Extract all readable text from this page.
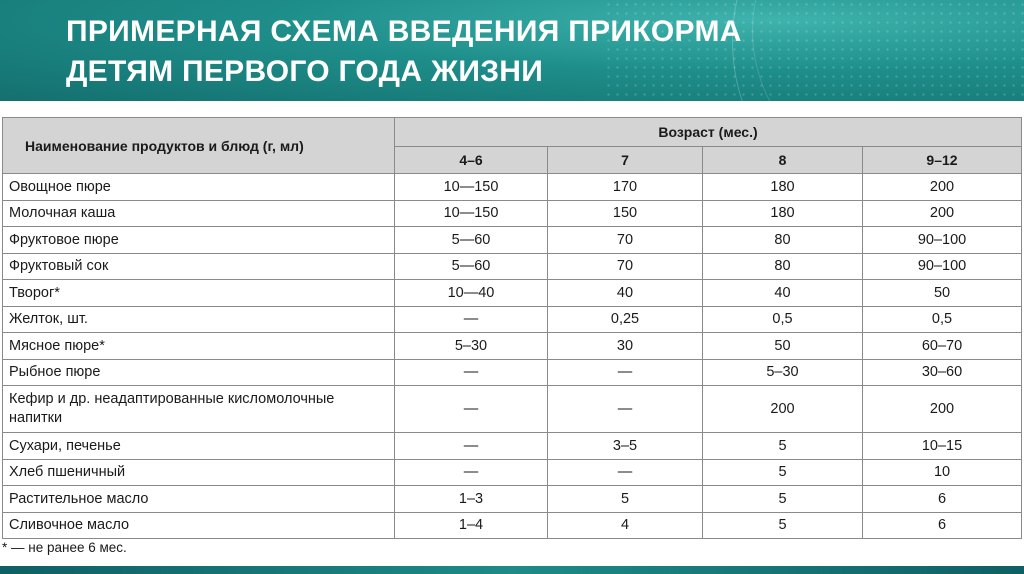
ПРИМЕРНАЯ СХЕМА ВВЕДЕНИЯ ПРИКОРМА
ДЕТЯМ ПЕРВОГО ГОДА ЖИЗНИ
Наименование продуктов и блюд (г, мл)	Возраст (мес.)			
	4–6	7	8	9–12
Овощное пюре	10—150	170	180	200
Молочная каша	10—150	150	180	200
Фруктовое пюре	5—60	70	80	90–100
Фруктовый сок	5—60	70	80	90–100
Творог*	10—40	40	40	50
Желток, шт.	—	0,25	0,5	0,5
Мясное пюре*	5–30	30	50	60–70
Рыбное пюре	—	—	5–30	30–60
Кефир и др. неадаптированные кисломолочные напитки	—	—	200	200
Сухари, печенье	—	3–5	5	10–15
Хлеб пшеничный	—	—	5	10
Растительное масло	1–3	5	5	6
Сливочное масло	1–4	4	5	6
* — не ранее 6 мес.
